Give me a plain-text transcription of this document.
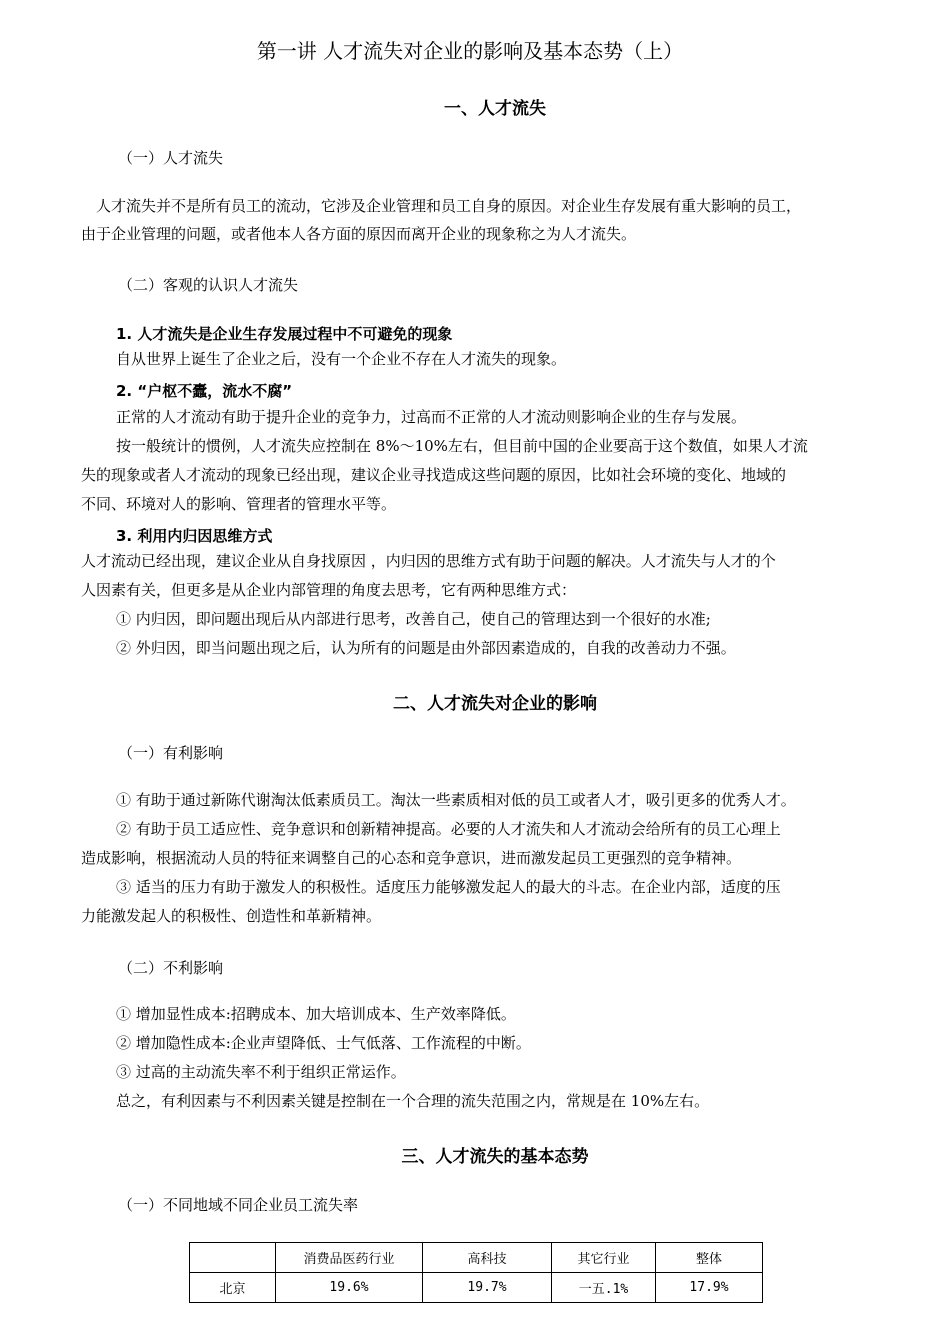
第一讲 人才流失对企业的影响及基本态势（上）
一、人才流失
（一）人才流失
人才流失并不是所有员工的流动，它涉及企业管理和员工自身的原因。对企业生存发展有重大影响的员工，
由于企业管理的问题，或者他本人各方面的原因而离开企业的现象称之为人才流失。
（二）客观的认识人才流失
1. 人才流失是企业生存发展过程中不可避免的现象
自从世界上诞生了企业之后，没有一个企业不存在人才流失的现象。
2. “户枢不蠹，流水不腐”
正常的人才流动有助于提升企业的竞争力，过高而不正常的人才流动则影响企业的生存与发展。
按一般统计的惯例，人才流失应控制在 8%～10%左右，但目前中国的企业要高于这个数值，如果人才流
失的现象或者人才流动的现象已经出现，建议企业寻找造成这些问题的原因，比如社会环境的变化、地域的
不同、环境对人的影响、管理者的管理水平等。
3. 利用内归因思维方式
人才流动已经出现，建议企业从自身找原因 ，内归因的思维方式有助于问题的解决。人才流失与人才的个
人因素有关，但更多是从企业内部管理的角度去思考，它有两种思维方式：
① 内归因，即问题出现后从内部进行思考，改善自己，使自己的管理达到一个很好的水准;
② 外归因，即当问题出现之后，认为所有的问题是由外部因素造成的，自我的改善动力不强。
二、人才流失对企业的影响
（一）有利影响
① 有助于通过新陈代谢淘汰低素质员工。淘汰一些素质相对低的员工或者人才，吸引更多的优秀人才。
② 有助于员工适应性、竞争意识和创新精神提高。必要的人才流失和人才流动会给所有的员工心理上
造成影响，根据流动人员的特征来调整自己的心态和竞争意识，进而激发起员工更强烈的竞争精神。
③ 适当的压力有助于激发人的积极性。适度压力能够激发起人的最大的斗志。在企业内部，适度的压
力能激发起人的积极性、创造性和革新精神。
（二）不利影响
① 增加显性成本:招聘成本、加大培训成本、生产效率降低。
② 增加隐性成本:企业声望降低、士气低落、工作流程的中断。
③ 过高的主动流失率不利于组织正常运作。
总之，有利因素与不利因素关键是控制在一个合理的流失范围之内，常规是在 10%左右。
三、人才流失的基本态势
（一）不同地域不同企业员工流失率
	消费品医药行业	高科技	其它行业	整体
北京	19.6%	19.7%	一五.1%	17.9%
